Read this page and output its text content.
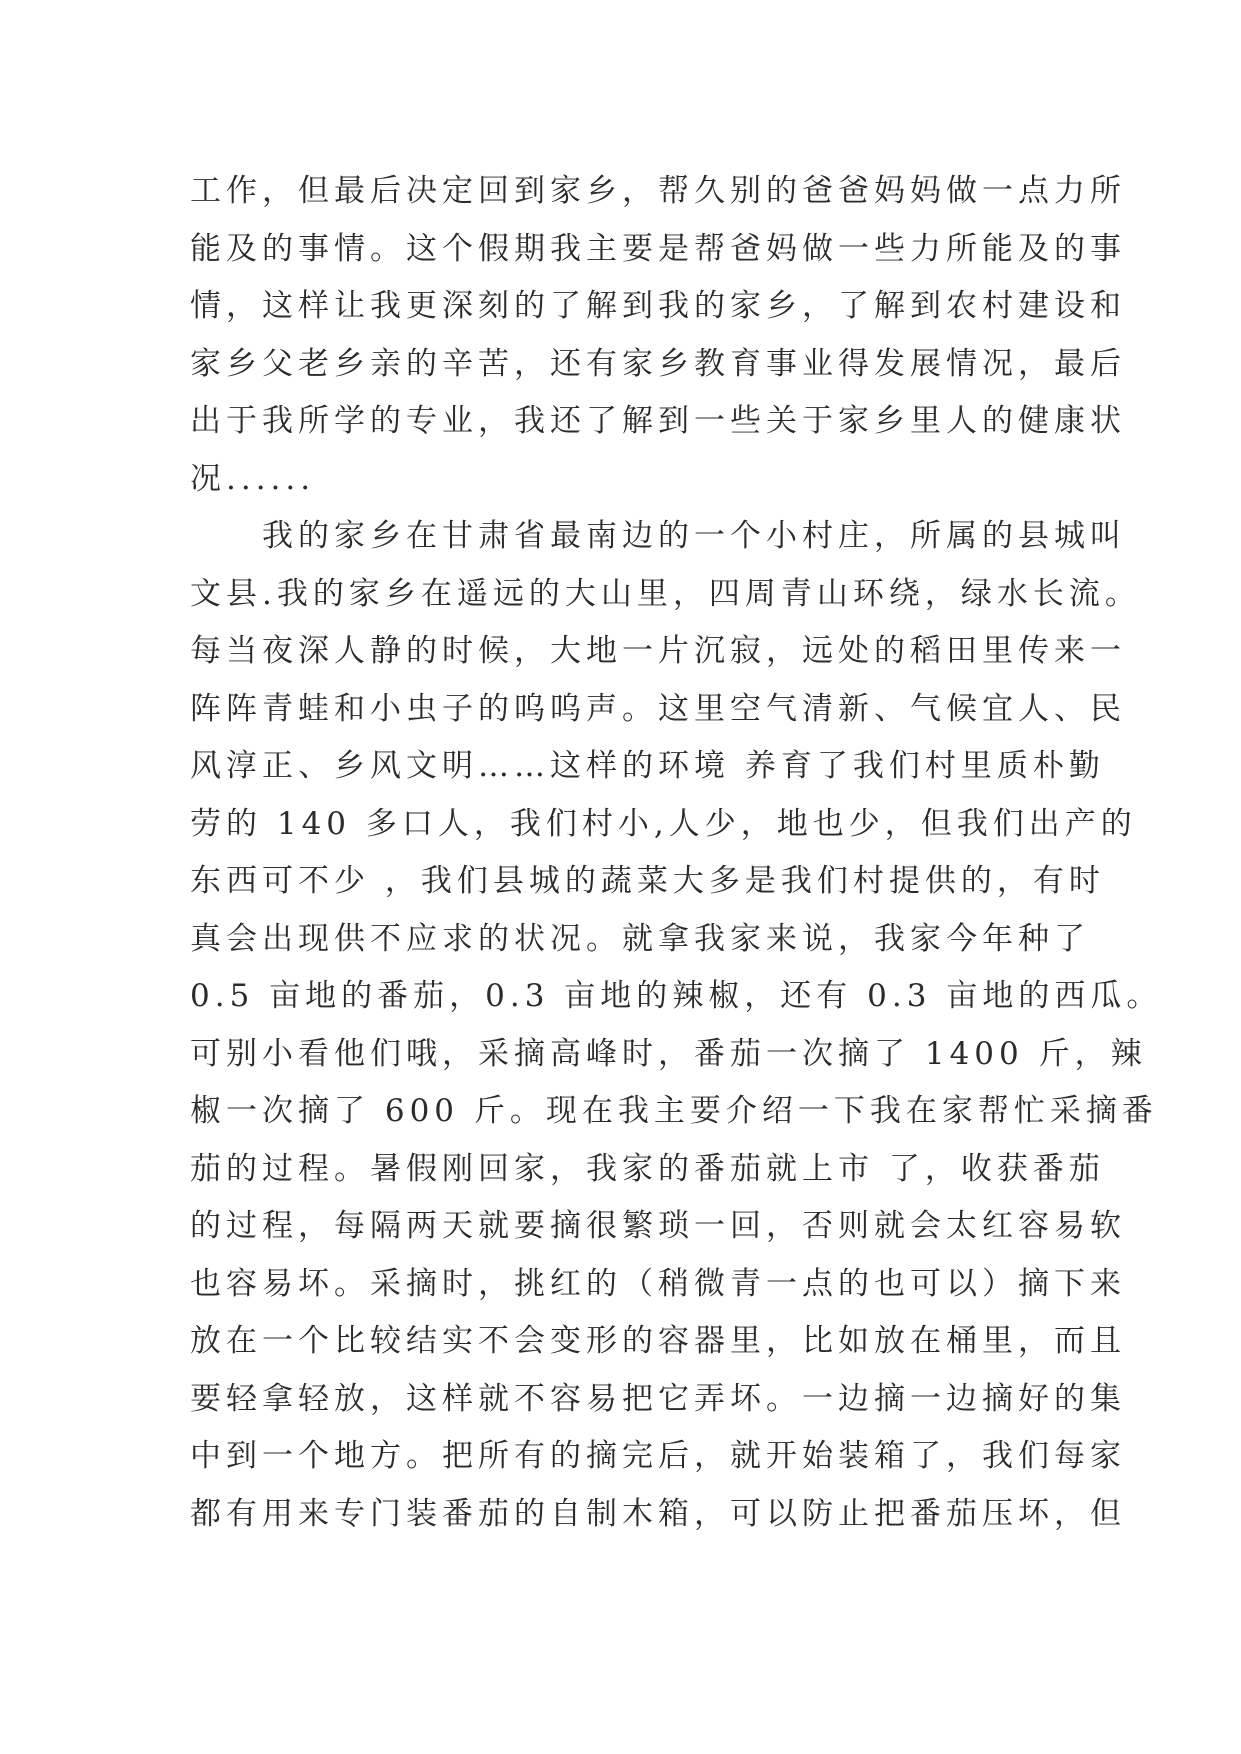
工作，但最后决定回到家乡，帮久别的爸爸妈妈做一点力所
能及的事情。这个假期我主要是帮爸妈做一些力所能及的事
情，这样让我更深刻的了解到我的家乡，了解到农村建设和
家乡父老乡亲的辛苦，还有家乡教育事业得发展情况，最后
出于我所学的专业，我还了解到一些关于家乡里人的健康状
况......
　　我的家乡在甘肃省最南边的一个小村庄，所属的县城叫
文县.我的家乡在遥远的大山里，四周青山环绕，绿水长流。
每当夜深人静的时候，大地一片沉寂，远处的稻田里传来一
阵阵青蛙和小虫子的呜呜声。这里空气清新、气候宜人、民
风淳正、乡风文明……这样的环境 养育了我们村里质朴勤
劳的 140 多口人，我们村小,人少，地也少，但我们出产的
东西可不少 ，我们县城的蔬菜大多是我们村提供的，有时
真会出现供不应求的状况。就拿我家来说，我家今年种了
0.5 亩地的番茄，0.3 亩地的辣椒，还有 0.3 亩地的西瓜。
可别小看他们哦，采摘高峰时，番茄一次摘了 1400 斤，辣
椒一次摘了 600 斤。现在我主要介绍一下我在家帮忙采摘番
茄的过程。暑假刚回家，我家的番茄就上市 了，收获番茄
的过程，每隔两天就要摘很繁琐一回，否则就会太红容易软
也容易坏。采摘时，挑红的（稍微青一点的也可以）摘下来
放在一个比较结实不会变形的容器里，比如放在桶里，而且
要轻拿轻放，这样就不容易把它弄坏。一边摘一边摘好的集
中到一个地方。把所有的摘完后，就开始装箱了，我们每家
都有用来专门装番茄的自制木箱，可以防止把番茄压坏，但
